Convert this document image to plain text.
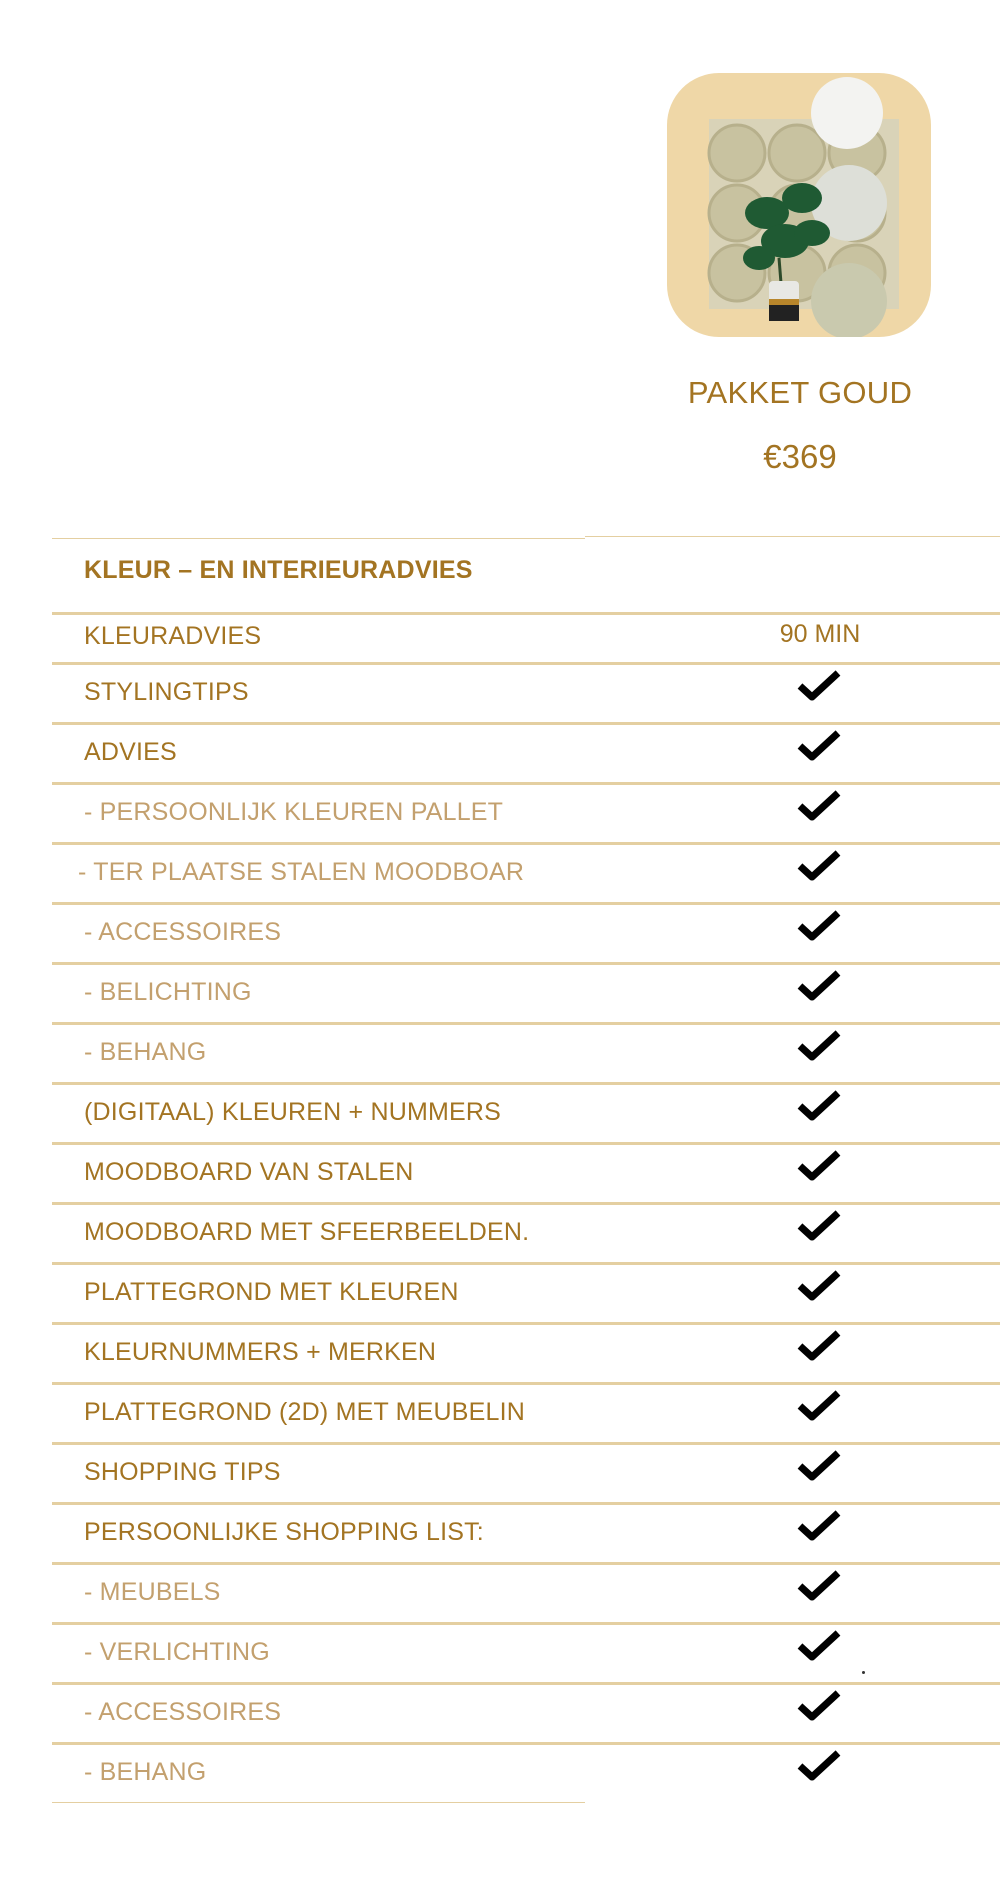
PAKKET GOUD
€369
KLEUR – EN INTERIEURADVIES
KLEURADVIES	90 MIN
STYLINGTIPS
ADVIES
- PERSOONLIJK KLEUREN PALLET
- TER PLAATSE STALEN MOODBOAR
- ACCESSOIRES
- BELICHTING
- BEHANG
(DIGITAAL) KLEUREN + NUMMERS
MOODBOARD VAN STALEN
MOODBOARD MET SFEERBEELDEN.
PLATTEGROND MET KLEUREN
KLEURNUMMERS + MERKEN
PLATTEGROND (2D) MET MEUBELIN
SHOPPING TIPS
PERSOONLIJKE SHOPPING LIST:
- MEUBELS
- VERLICHTING
- ACCESSOIRES
- BEHANG
